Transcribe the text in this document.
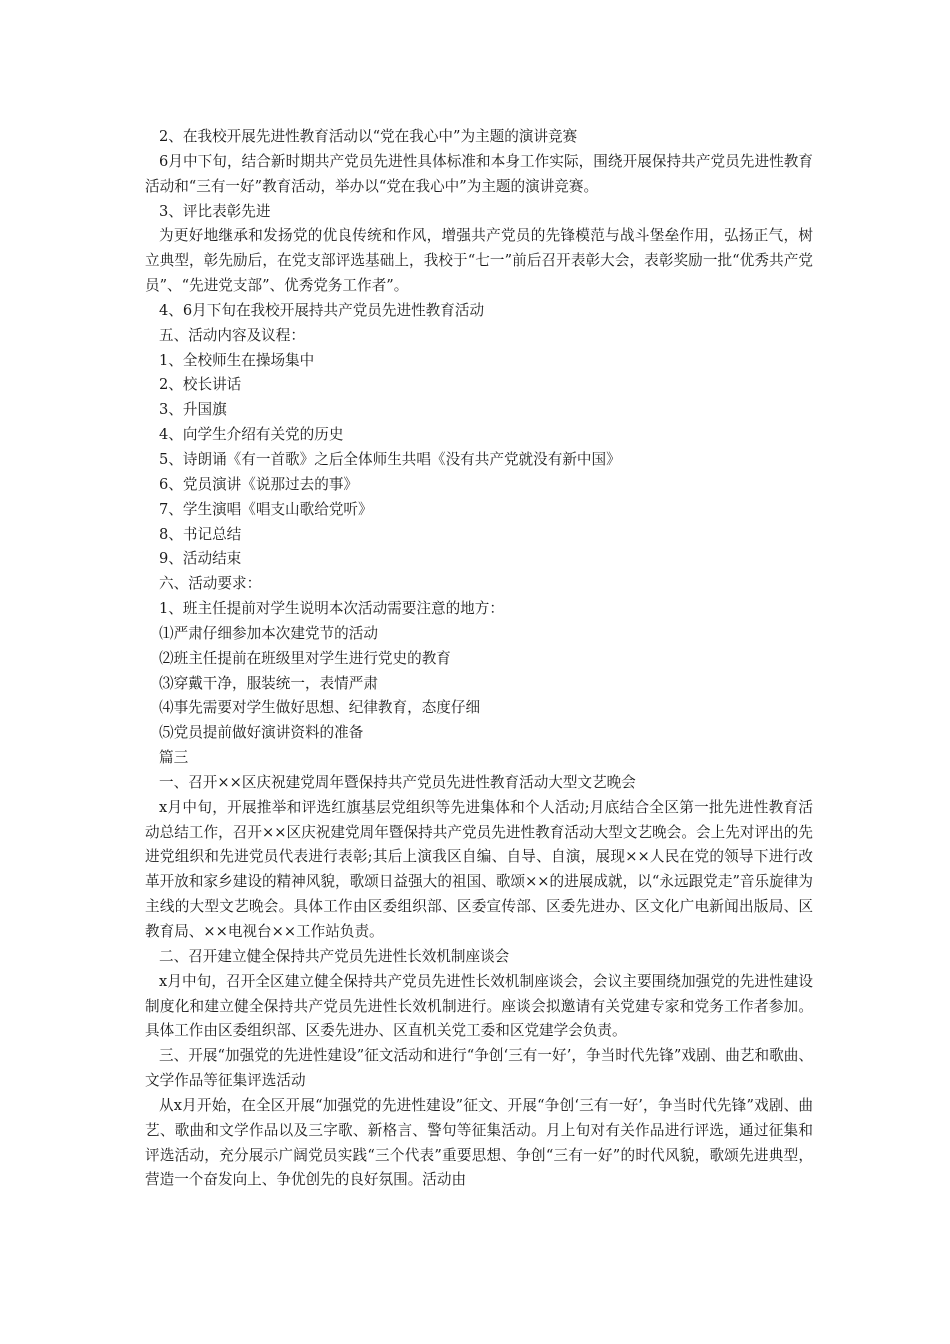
2、在我校开展先进性教育活动以“党在我心中”为主题的演讲竞赛

6月中下旬，结合新时期共产党员先进性具体标准和本身工作实际，围绕开展保持共产党员先进性教育活动和“三有一好”教育活动，举办以“党在我心中”为主题的演讲竞赛。

3、评比表彰先进

为更好地继承和发扬党的优良传统和作风，增强共产党员的先锋模范与战斗堡垒作用，弘扬正气，树立典型，彰先励后，在党支部评选基础上，我校于“七一”前后召开表彰大会，表彰奖励一批“优秀共产党员”、“先进党支部”、优秀党务工作者”。

4、6月下旬在我校开展持共产党员先进性教育活动

五、活动内容及议程：

1、全校师生在操场集中

2、校长讲话

3、升国旗

4、向学生介绍有关党的历史

5、诗朗诵《有一首歌》之后全体师生共唱《没有共产党就没有新中国》

6、党员演讲《说那过去的事》

7、学生演唱《唱支山歌给党听》

8、书记总结

9、活动结束

六、活动要求：

1、班主任提前对学生说明本次活动需要注意的地方：

⑴严肃仔细参加本次建党节的活动

⑵班主任提前在班级里对学生进行党史的教育

⑶穿戴干净，服装统一，表情严肃

⑷事先需要对学生做好思想、纪律教育，态度仔细

⑸党员提前做好演讲资料的准备

篇三

一、召开××区庆祝建党周年暨保持共产党员先进性教育活动大型文艺晚会

x月中旬，开展推举和评选红旗基层党组织等先进集体和个人活动;月底结合全区第一批先进性教育活动总结工作，召开××区庆祝建党周年暨保持共产党员先进性教育活动大型文艺晚会。会上先对评出的先进党组织和先进党员代表进行表彰;其后上演我区自编、自导、自演，展现××人民在党的领导下进行改革开放和家乡建设的精神风貌，歌颂日益强大的祖国、歌颂××的进展成就，以“永远跟党走”音乐旋律为主线的大型文艺晚会。具体工作由区委组织部、区委宣传部、区委先进办、区文化广电新闻出版局、区教育局、××电视台××工作站负责。

二、召开建立健全保持共产党员先进性长效机制座谈会

x月中旬，召开全区建立健全保持共产党员先进性长效机制座谈会，会议主要围绕加强党的先进性建设制度化和建立健全保持共产党员先进性长效机制进行。座谈会拟邀请有关党建专家和党务工作者参加。具体工作由区委组织部、区委先进办、区直机关党工委和区党建学会负责。

三、开展“加强党的先进性建设”征文活动和进行“争创‘三有一好’，争当时代先锋”戏剧、曲艺和歌曲、文学作品等征集评选活动

从x月开始，在全区开展“加强党的先进性建设”征文、开展“争创‘三有一好’，争当时代先锋”戏剧、曲艺、歌曲和文学作品以及三字歌、新格言、警句等征集活动。月上旬对有关作品进行评选，通过征集和评选活动，充分展示广阔党员实践“三个代表”重要思想、争创“三有一好”的时代风貌，歌颂先进典型，营造一个奋发向上、争优创先的良好氛围。活动由
